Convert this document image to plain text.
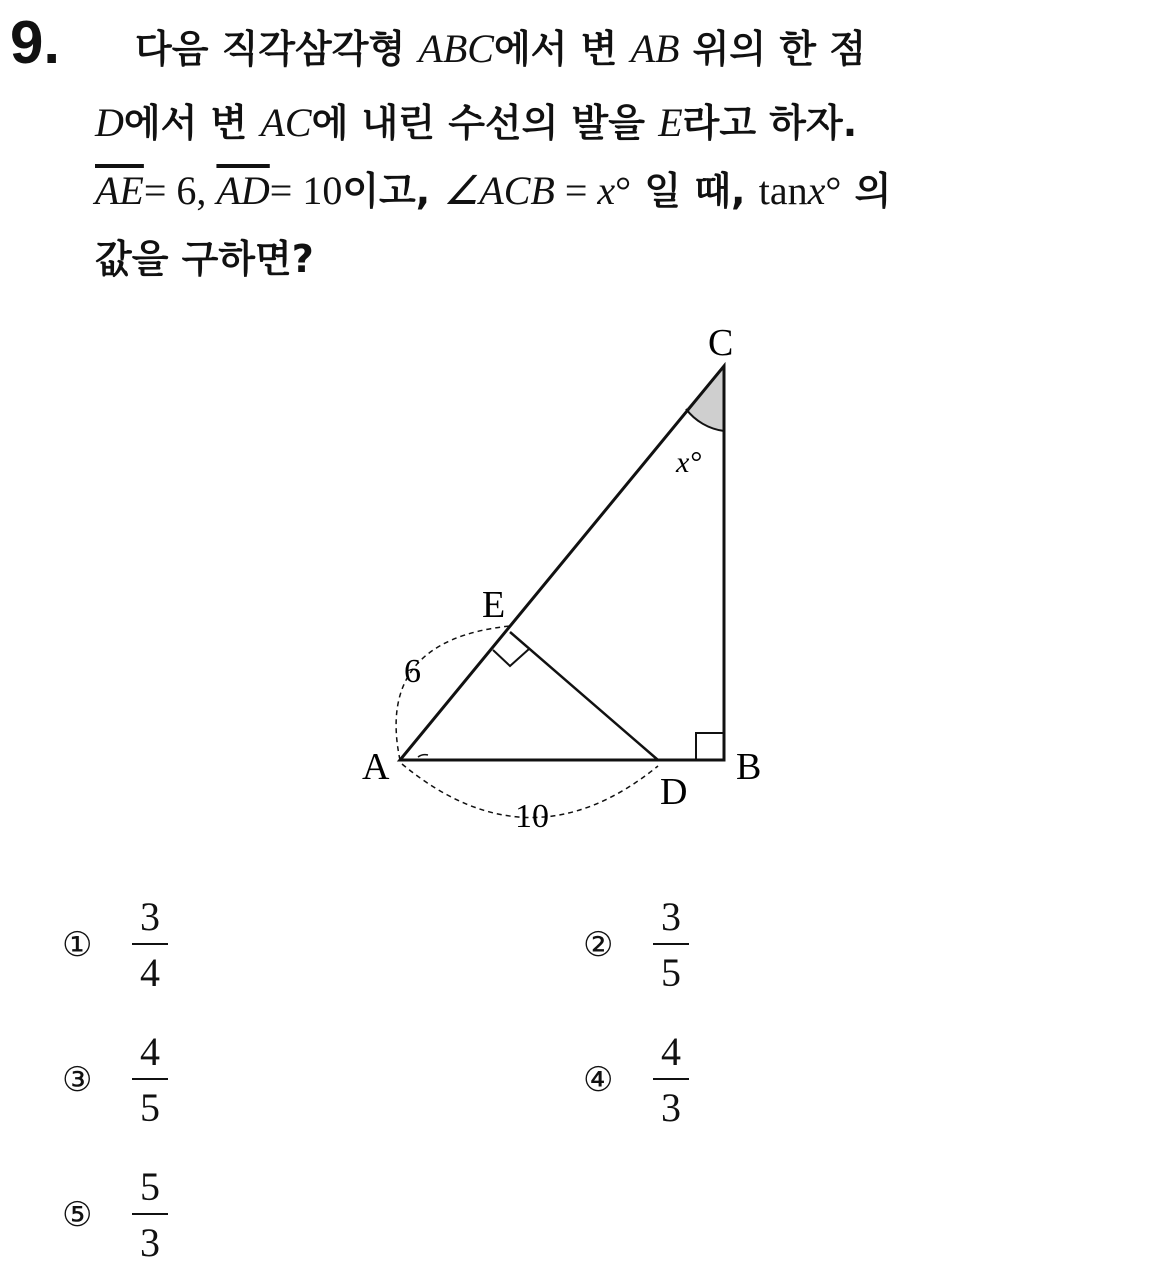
9. 다음 직각삼각형 ABC에서 변 AB 위의 한 점
D에서 변 AC에 내린 수선의 발을 E라고 하자.
$\overline{AE}= 6$, $\overline{AD}= 10$이고, ∠ACB = x° 일 때, tanx° 의
값을 구하면?
C
E
A	B
D
6
10
x°
① $\frac{3}{4}$	② $\frac{3}{5}$
③ $\frac{4}{5}$	④ $\frac{4}{3}$
⑤ $\frac{5}{3}$
